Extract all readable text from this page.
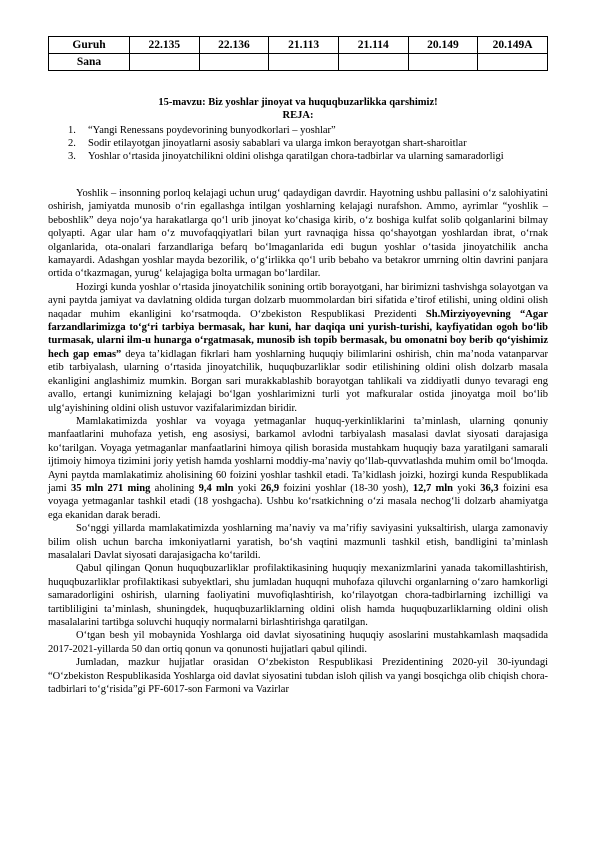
Guruh	22.135	22.136	21.113	21.114	20.149	20.149A
Sana						
15-mavzu: Biz yoshlar jinoyat va huquqbuzarlikka qarshimiz!
REJA:
1. “Yangi Renessans poydevorining bunyodkorlari – yoshlar”
2. Sodir etilayotgan jinoyatlarni asosiy sabablari va ularga imkon berayotgan shart-sharoitlar
3. Yoshlar o‘rtasida jinoyatchilikni oldini olishga qaratilgan chora-tadbirlar va ularning samaradorligi

Yoshlik – insonning porloq kelajagi uchun urug‘ qadaydigan davrdir. Hayotning ushbu pallasini o‘z salohiyatini oshirish, jamiyatda munosib o‘rin egallashga intilgan yoshlarning kelajagi nurafshon. Ammo, ayrimlar “yoshlik – beboshlik” deya nojo‘ya harakatlarga qo‘l urib jinoyat ko‘chasiga kirib, o‘z boshiga kulfat solib qolganlarini bilmay qolyapti. Agar ular ham o‘z muvofaqqiyatlari bilan yurt ravnaqiga hissa qo‘shayotgan yoshlardan ibrat, o‘rnak olganlarida, ota-onalari farzandlariga befarq bo‘lmaganlarida edi bugun yoshlar o‘tasida jinoyatchilik ancha kamayardi. Adashgan yoshlar mayda bezorilik, o‘g‘irlikka qo‘l urib bebaho va betakror umrning oltin davrini panjara ortida o‘tkazmagan, yurug‘ kelajagiga bolta urmagan bo‘lardilar.

Hozirgi kunda yoshlar o‘rtasida jinoyatchilik sonining ortib borayotgani, har birimizni tashvishga solayotgan va ayni paytda jamiyat va davlatning oldida turgan dolzarb muommolardan biri sifatida e’tirof etilishi, uning oldini olish naqadar muhim ekanligini ko‘rsatmoqda. O‘zbekiston Respublikasi Prezidenti Sh.Mirziyoyevning “Agar farzandlarimizga to‘g‘ri tarbiya bermasak, har kuni, har daqiqa uni yurish-turishi, kayfiyatidan ogoh bo‘lib turmasak, ularni ilm-u hunarga o‘rgatmasak, munosib ish topib bermasak, bu omonatni boy berib qo‘yishimiz hech gap emas” deya ta’kidlagan fikrlari ham yoshlarning huquqiy bilimlarini oshirish, chin ma’noda vatanparvar etib tarbiyalash, ularning o‘rtasida jinoyatchilik, huquqbuzarliklar sodir etilishining oldini olish dolzarb masala ekanligini anglashimiz mumkin. Borgan sari murakkablashib borayotgan tahlikali va ziddiyatli dunyo tevaragi eng avallo, ertangi kunimizning kelajagi bo‘lgan yoshlarimizni turli yot mafkuralar ostida jinoyatga moil bo‘lib ulg‘ayishining oldini olish ustuvor vazifalarimizdan biridir.

Mamlakatimizda yoshlar va voyaga yetmaganlar huquq-yerkinliklarini ta’minlash, ularning qonuniy manfaatlarini muhofaza yetish, eng asosiysi, barkamol avlodni tarbiyalash masalasi davlat siyosati darajasiga ko‘tarilgan. Voyaga yetmaganlar manfaatlarini himoya qilish borasida mustahkam huquqiy baza yaratilgani samarali ijtimoiy himoya tizimini joriy yetish hamda yoshlarni moddiy-ma’naviy qo‘llab-quvvatlashda muhim omil bo‘lmoqda. Ayni paytda mamlakatimiz aholisining 60 foizini yoshlar tashkil etadi. Ta’kidlash joizki, hozirgi kunda Respublikada jami 35 mln 271 ming aholining 9,4 mln yoki 26,9 foizini yoshlar (18-30 yosh), 12,7 mln yoki 36,3 foizini esa voyaga yetmaganlar tashkil etadi (18 yoshgacha). Ushbu ko‘rsatkichning o‘zi masala nechog‘li dolzarb ahamiyatga ega ekanidan darak beradi.

So‘nggi yillarda mamlakatimizda yoshlarning ma’naviy va ma’rifiy saviyasini yuksaltirish, ularga zamonaviy bilim olish uchun barcha imkoniyatlarni yaratish, bo‘sh vaqtini mazmunli tashkil etish, bandligini ta’minlash masalalari Davlat siyosati darajasigacha ko‘tarildi.

Qabul qilingan Qonun huquqbuzarliklar profilaktikasining huquqiy mexanizmlarini yanada takomillashtirish, huquqbuzarliklar profilaktikasi subyektlari, shu jumladan huquqni muhofaza qiluvchi organlarning o‘zaro hamkorligi samaradorligini oshirish, ularning faoliyatini muvofiqlashtirish, ko‘rilayotgan chora-tadbirlarning izchilligi va tartibliligini ta’minlash, shuningdek, huquqbuzarliklarning oldini olish hamda huquqbuzarliklarning oldini olish masalalarini tartibga soluvchi huquqiy normalarni birlashtirishga qaratilgan.

O‘tgan besh yil mobaynida Yoshlarga oid davlat siyosatining huquqiy asoslarini mustahkamlash maqsadida 2017-2021-yillarda 50 dan ortiq qonun va qonunosti hujjatlari qabul qilindi.

Jumladan, mazkur hujjatlar orasidan O‘zbekiston Respublikasi Prezidentining 2020-yil 30-iyundagi “O‘zbekiston Respublikasida Yoshlarga oid davlat siyosatini tubdan isloh qilish va yangi bosqichga olib chiqish chora-tadbirlari to‘g‘risida”gi PF-6017-son Farmoni va Vazirlar
